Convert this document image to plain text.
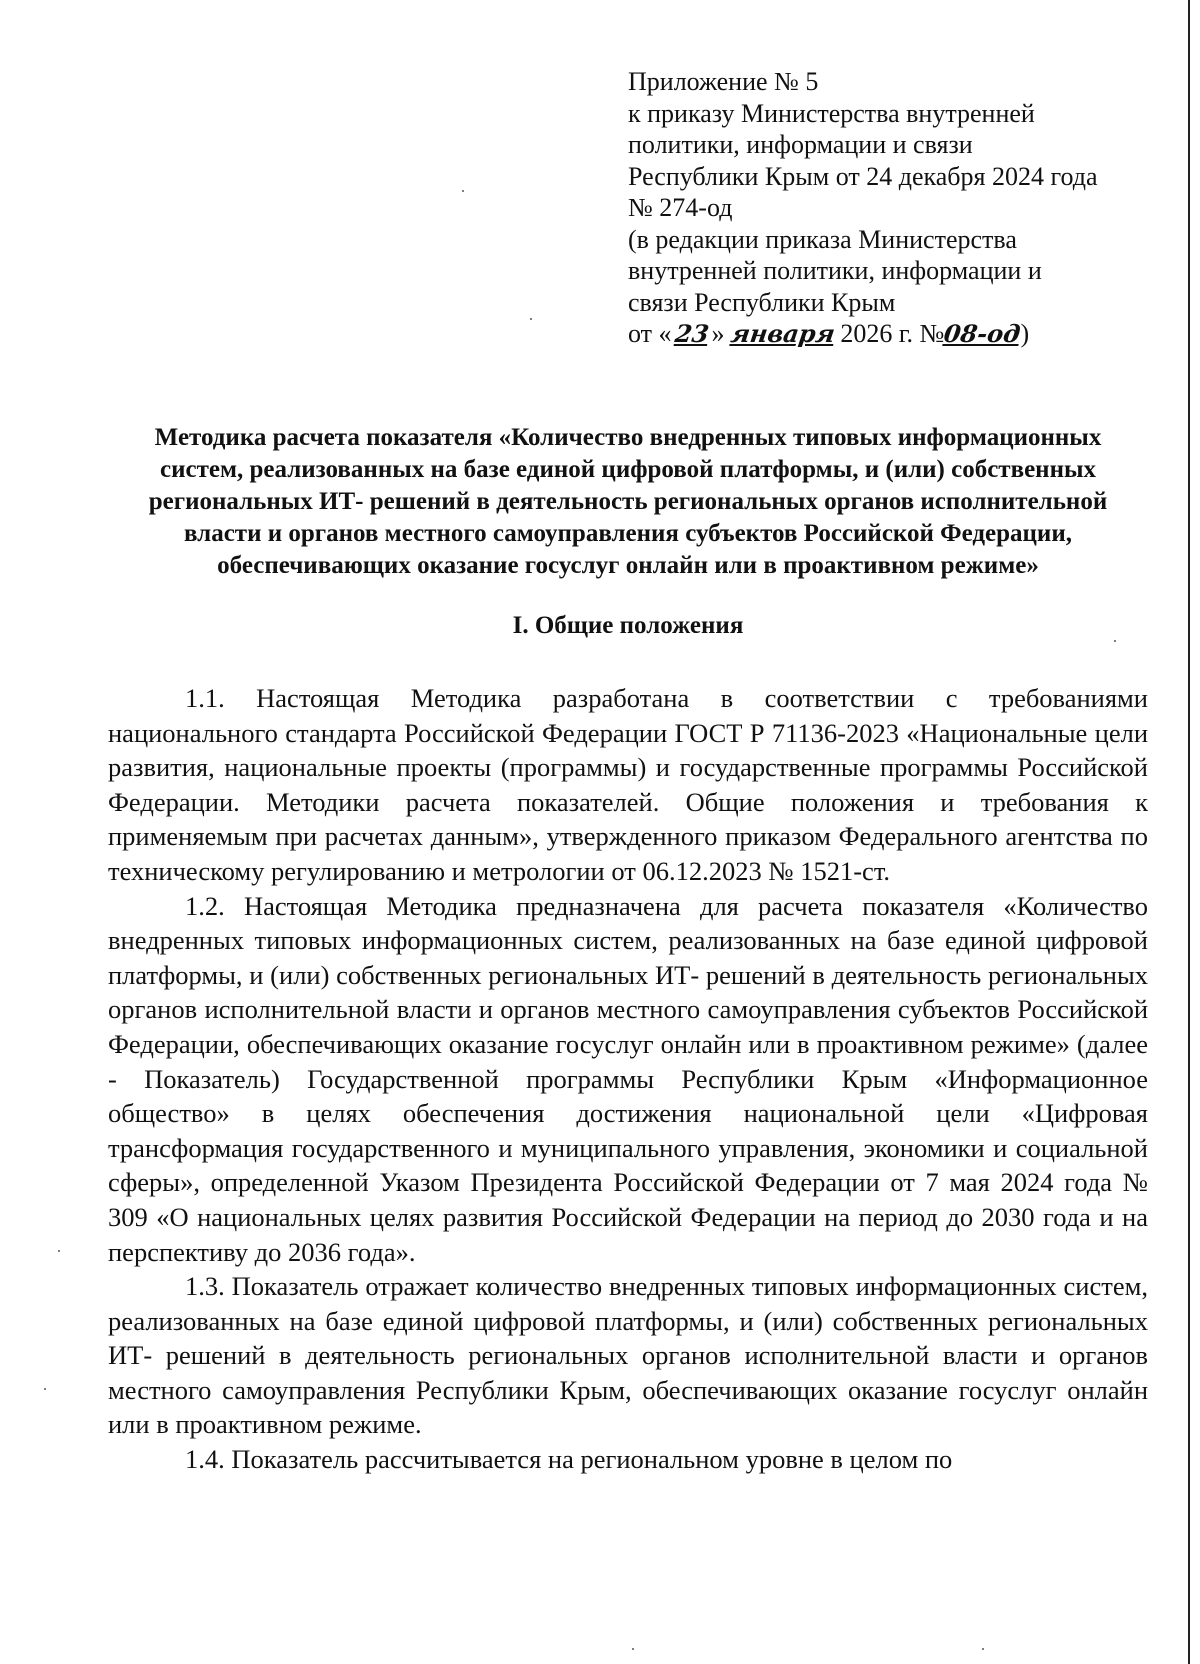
Приложение № 5
к приказу Министерства внутренней
политики, информации и связи
Республики Крым от 24 декабря 2024 года
№ 274-од
(в редакции приказа Министерства
внутренней политики, информации и
связи Республики Крым
от «23» января 2026 г. №08-од)
Методика расчета показателя «Количество внедренных типовых информационных
систем, реализованных на базе единой цифровой платформы, и (или) собственных
региональных ИТ- решений в деятельность региональных органов исполнительной
власти и органов местного самоуправления субъектов Российской Федерации,
обеспечивающих оказание госуслуг онлайн или в проактивном режиме»
I. Общие положения

1.1. Настоящая Методика разработана в соответствии с требованиями национального стандарта Российской Федерации ГОСТ Р 71136-2023 «Национальные цели развития, национальные проекты (программы) и государственные программы Российской Федерации. Методики расчета показателей. Общие положения и требования к применяемым при расчетах данным», утвержденного приказом Федерального агентства по техническому регулированию и метрологии от 06.12.2023 № 1521-ст.

1.2. Настоящая Методика предназначена для расчета показателя «Количество внедренных типовых информационных систем, реализованных на базе единой цифровой платформы, и (или) собственных региональных ИТ- решений в деятельность региональных органов исполнительной власти и органов местного самоуправления субъектов Российской Федерации, обеспечивающих оказание госуслуг онлайн или в проактивном режиме» (далее - Показатель) Государственной программы Республики Крым «Информационное общество» в целях обеспечения достижения национальной цели «Цифровая трансформация государственного и муниципального управления, экономики и социальной сферы», определенной Указом Президента Российской Федерации от 7 мая 2024 года № 309 «О национальных целях развития Российской Федерации на период до 2030 года и на перспективу до 2036 года».

1.3. Показатель отражает количество внедренных типовых информационных систем, реализованных на базе единой цифровой платформы, и (или) собственных региональных ИТ- решений в деятельность региональных органов исполнительной власти и органов местного самоуправления Республики Крым, обеспечивающих оказание госуслуг онлайн или в проактивном режиме.

1.4. Показатель рассчитывается на региональном уровне в целом по
